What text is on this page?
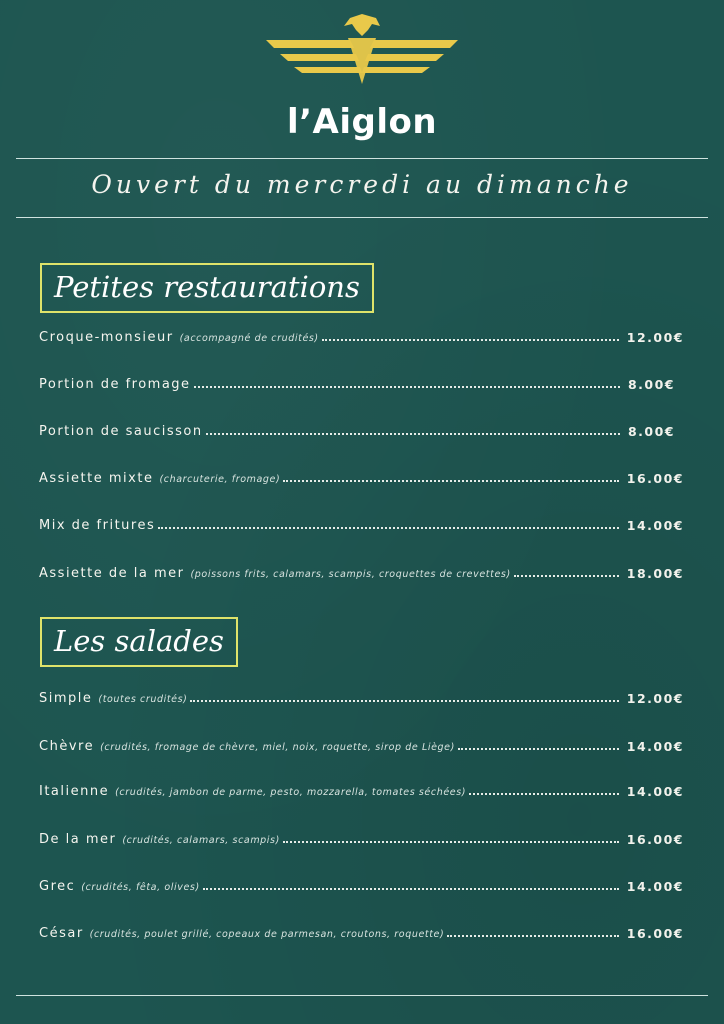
l’Aiglon
Ouvert du mercredi au dimanche
Petites restaurations
Croque-monsieur (accompagné de crudités)	12.00€
Portion de fromage	8.00€
Portion de saucisson	8.00€
Assiette mixte (charcuterie, fromage)	16.00€
Mix de fritures	14.00€
Assiette de la mer (poissons frits, calamars, scampis, croquettes de crevettes)	18.00€
Les salades
Simple (toutes crudités)	12.00€
Chèvre (crudités, fromage de chèvre, miel, noix, roquette, sirop de Liège)	14.00€
Italienne (crudités, jambon de parme, pesto, mozzarella, tomates séchées)	14.00€
De la mer (crudités, calamars, scampis)	16.00€
Grec (crudités, fêta, olives)	14.00€
César (crudités, poulet grillé, copeaux de parmesan, croutons, roquette)	16.00€
